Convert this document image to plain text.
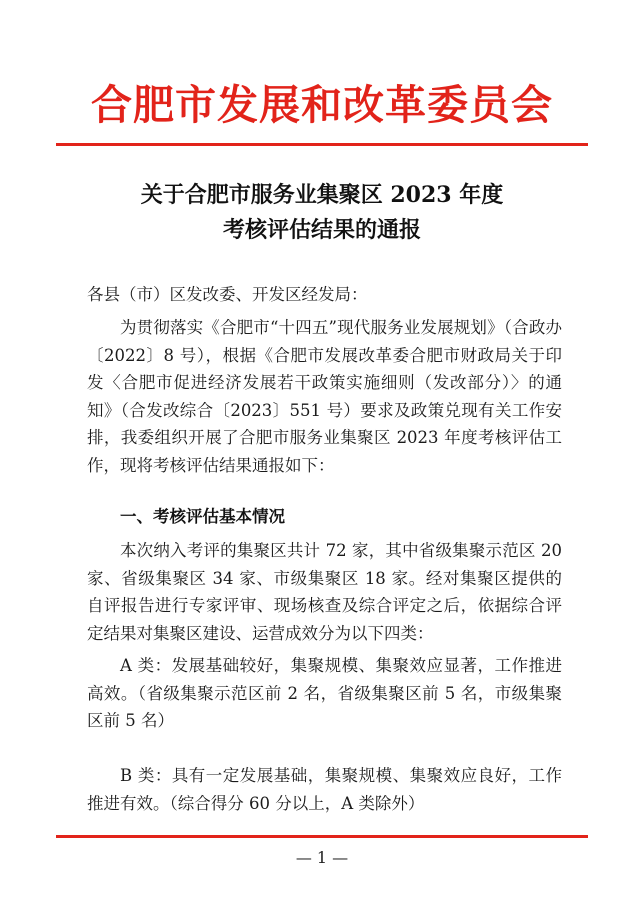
合肥市发展和改革委员会
关于合肥市服务业集聚区 2023 年度
考核评估结果的通报
各县（市）区发改委、开发区经发局：
为贯彻落实《合肥市“十四五”现代服务业发展规划》（合政办〔2022〕8 号），根据《合肥市发展改革委合肥市财政局关于印发〈合肥市促进经济发展若干政策实施细则（发改部分）〉的通知》（合发改综合〔2023〕551 号）要求及政策兑现有关工作安排，我委组织开展了合肥市服务业集聚区 2023 年度考核评估工作，现将考核评估结果通报如下：
一、考核评估基本情况
本次纳入考评的集聚区共计 72 家，其中省级集聚示范区 20 家、省级集聚区 34 家、市级集聚区 18 家。经对集聚区提供的自评报告进行专家评审、现场核查及综合评定之后，依据综合评定结果对集聚区建设、运营成效分为以下四类：
A 类：发展基础较好，集聚规模、集聚效应显著，工作推进高效。（省级集聚示范区前 2 名，省级集聚区前 5 名，市级集聚区前 5 名）
B 类：具有一定发展基础，集聚规模、集聚效应良好，工作推进有效。（综合得分 60 分以上，A 类除外）
— 1 —
